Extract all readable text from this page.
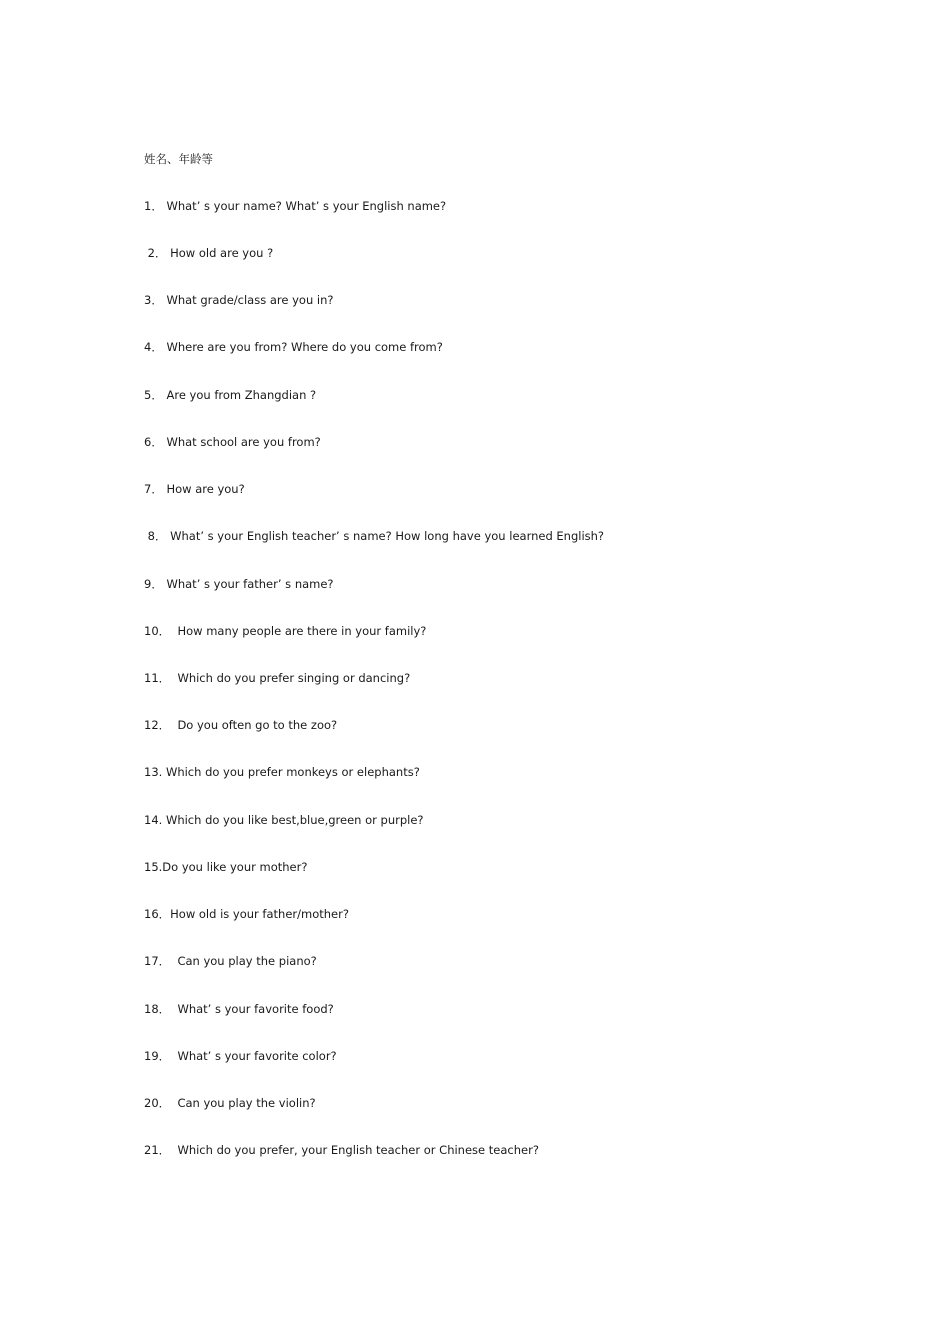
姓名、年龄等
1． What’ s your name? What’ s your English name?
2． How old are you ?
3． What grade/class are you in?
4． Where are you from? Where do you come from?
5． Are you from Zhangdian ?
6． What school are you from?
7． How are you?
8． What’ s your English teacher’ s name? How long have you learned English?
9． What’ s your father’ s name?
10．  How many people are there in your family?
11．  Which do you prefer singing or dancing?
12．  Do you often go to the zoo?
13. Which do you prefer monkeys or elephants?
14. Which do you like best,blue,green or purple?
15.Do you like your mother?
16．How old is your father/mother?
17．  Can you play the piano?
18．  What’ s your favorite food?
19．  What’ s your favorite color?
20．  Can you play the violin?
21．  Which do you prefer, your English teacher or Chinese teacher?
